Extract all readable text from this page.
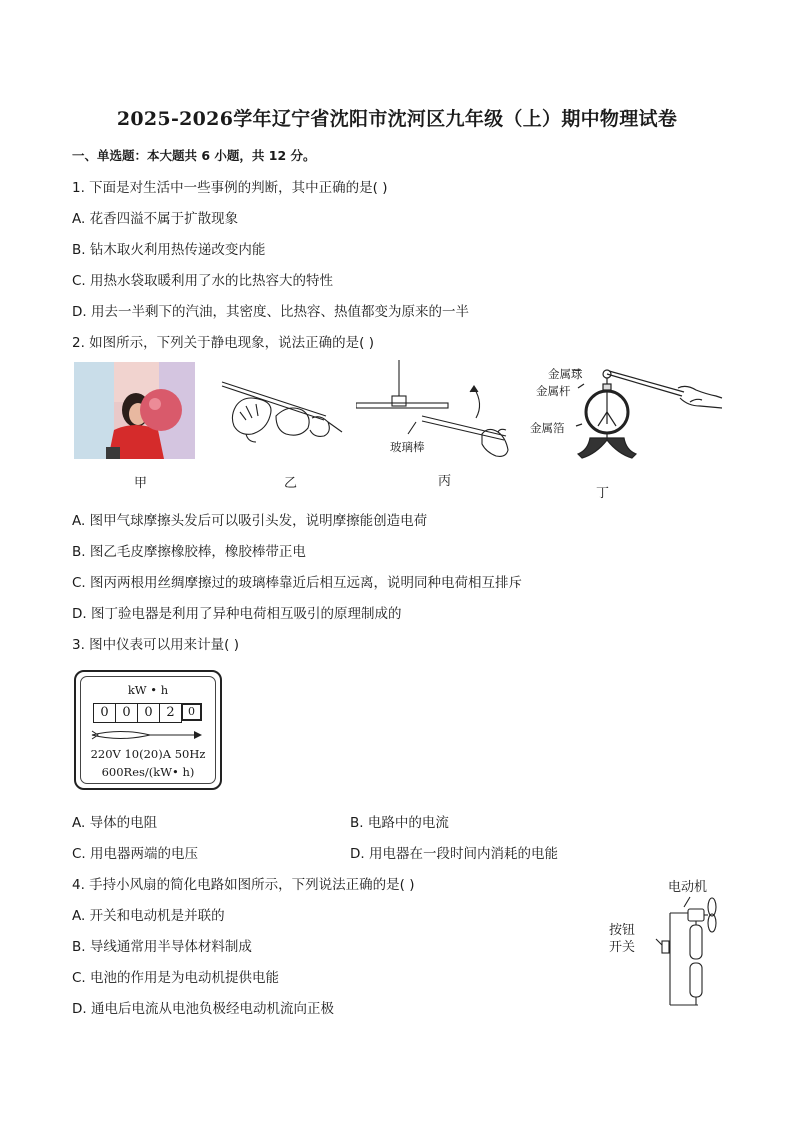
2025-2026学年辽宁省沈阳市沈河区九年级（上）期中物理试卷
一、单选题：本大题共 6 小题，共 12 分。
1. 下面是对生活中一些事例的判断，其中正确的是( )
A. 花香四溢不属于扩散现象
B. 钻木取火利用热传递改变内能
C. 用热水袋取暖利用了水的比热容大的特性
D. 用去一半剩下的汽油，其密度、比热容、热值都变为原来的一半
2. 如图所示，下列关于静电现象，说法正确的是( )
甲	乙
玻璃棒
丙
金属球
金属杆
金属箔
丁
A. 图甲气球摩擦头发后可以吸引头发，说明摩擦能创造电荷
B. 图乙毛皮摩擦橡胶棒，橡胶棒带正电
C. 图丙两根用丝绸摩擦过的玻璃棒靠近后相互远离，说明同种电荷相互排斥
D. 图丁验电器是利用了异种电荷相互吸引的原理制成的
3. 图中仪表可以用来计量( )
kW • h
0	0	0	2	0
220V 10(20)A 50Hz
600Res/(kW• h)
A. 导体的电阻	B. 电路中的电流
C. 用电器两端的电压	D. 用电器在一段时间内消耗的电能
4. 手持小风扇的简化电路如图所示，下列说法正确的是( )
A. 开关和电动机是并联的
B. 导线通常用半导体材料制成
C. 电池的作用是为电动机提供电能
D. 通电后电流从电池负极经电动机流向正极
电动机
按钮
开关
